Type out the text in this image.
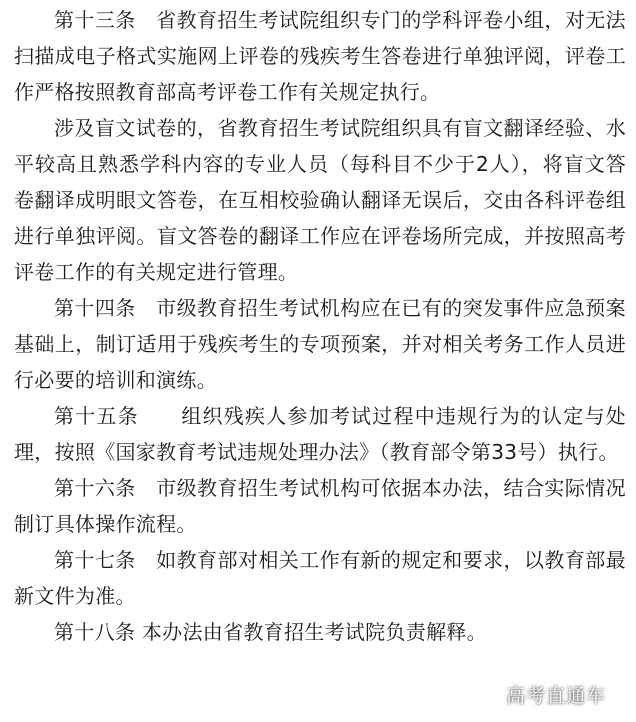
第十三条　 省教育招生考试院组织专门的学科评卷小组，对无法扫描成电子格式实施网上评卷的残疾考生答卷进行单独评阅，评卷工作严格按照教育部高考评卷工作有关规定执行。

涉及盲文试卷的，省教育招生考试院组织具有盲文翻译经验、水平较高且熟悉学科内容的专业人员（每科目不少于2人），将盲文答卷翻译成明眼文答卷，在互相校验确认翻译无误后，交由各科评卷组进行单独评阅。盲文答卷的翻译工作应在评卷场所完成，并按照高考评卷工作的有关规定进行管理。

第十四条　 市级教育招生考试机构应在已有的突发事件应急预案基础上，制订适用于残疾考生的专项预案，并对相关考务工作人员进行必要的培训和演练。

第十五条　　 组织残疾人参加考试过程中违规行为的认定与处理，按照《国家教育考试违规处理办法》（教育部令第33号）执行。

第十六条　 市级教育招生考试机构可依据本办法，结合实际情况制订具体操作流程。

第十七条　 如教育部对相关工作有新的规定和要求，以教育部最新文件为准。

第十八条 本办法由省教育招生考试院负责解释。

高考直通车
